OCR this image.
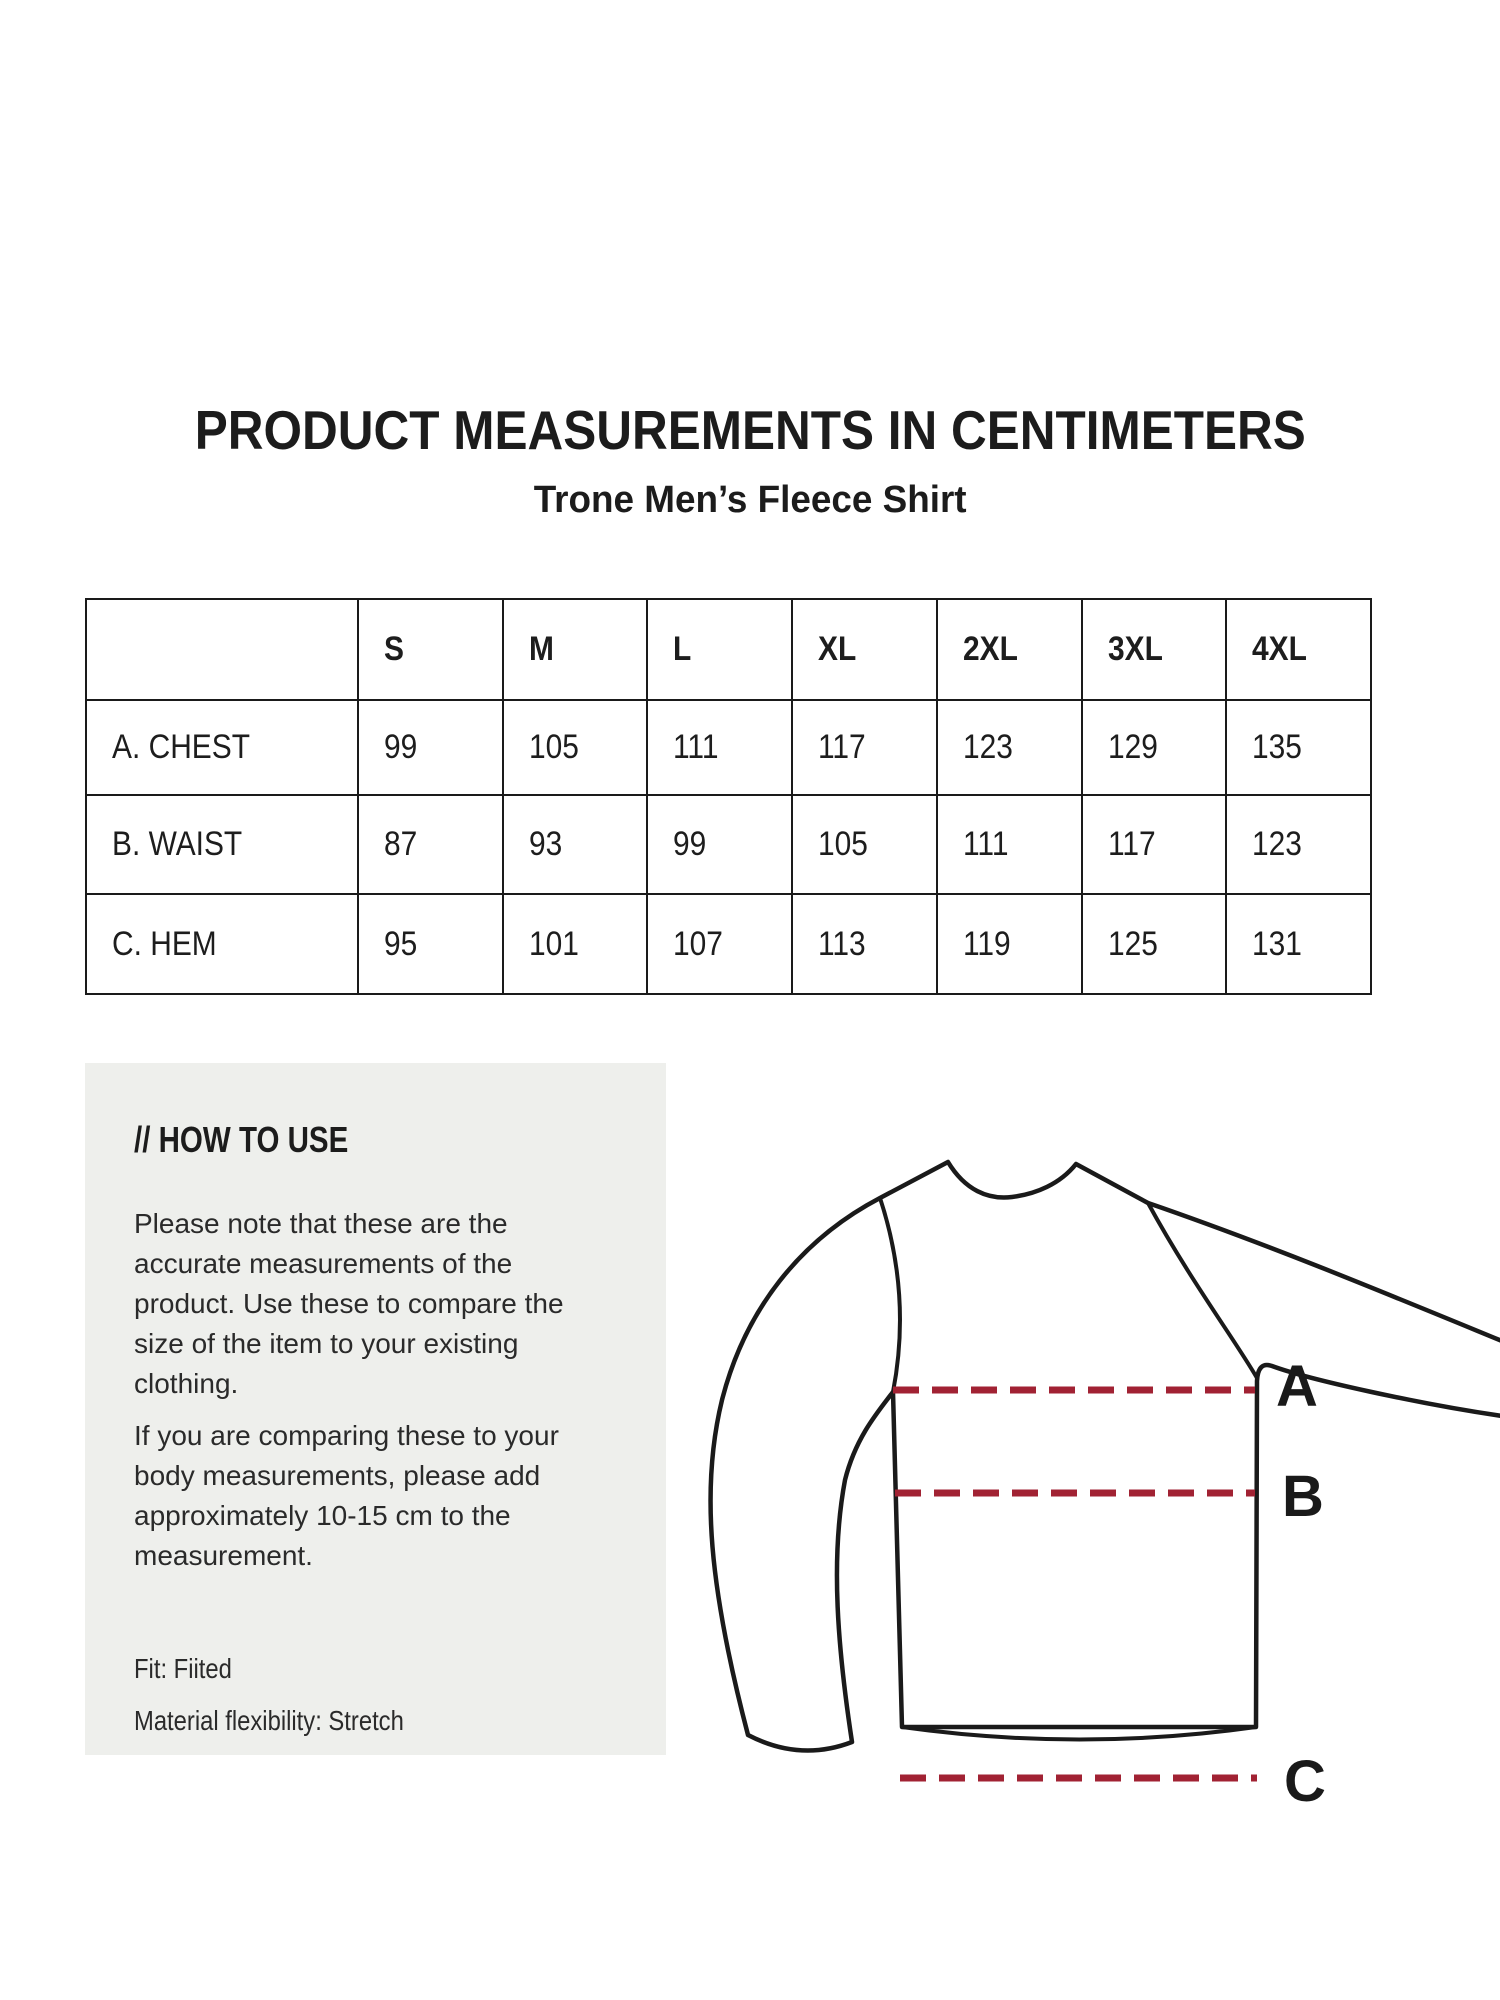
PRODUCT MEASUREMENTS IN CENTIMETERS
Trone Men’s Fleece Shirt
	S	M	L	XL	2XL	3XL	4XL
A. CHEST	99	105	111	117	123	129	135
B. WAIST	87	93	99	105	111	117	123
C. HEM	95	101	107	113	119	125	131
// HOW TO USE

Please note that these are the accurate measurements of the product. Use these to compare the size of the item to your existing clothing.

If you are comparing these to your body measurements, please add approximately 10-15 cm to the measurement.

Fit: Fiited
Material flexibility: Stretch
A
B
C
